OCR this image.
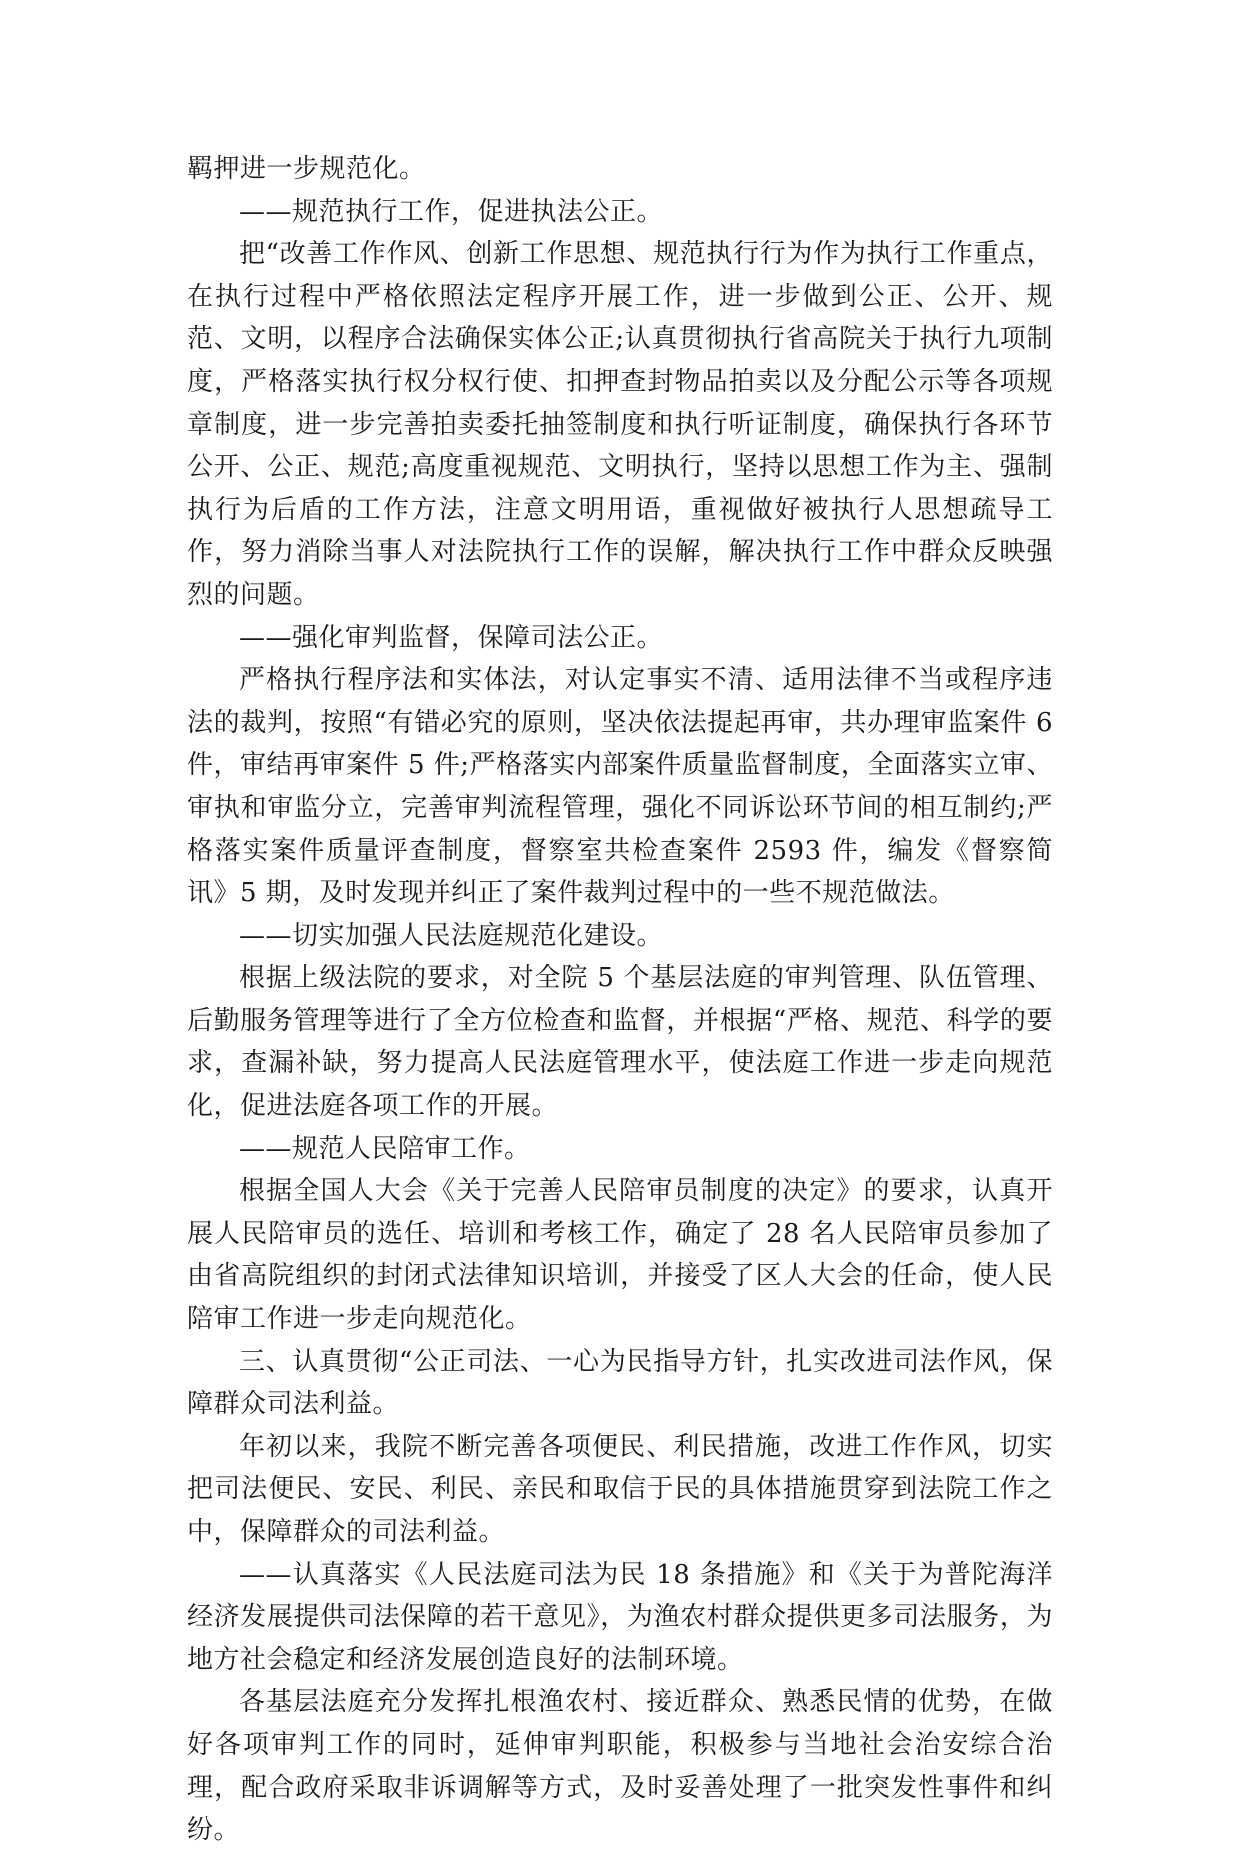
羁押进一步规范化。

——规范执行工作，促进执法公正。

把“改善工作作风、创新工作思想、规范执行行为作为执行工作重点，在执行过程中严格依照法定程序开展工作，进一步做到公正、公开、规范、文明，以程序合法确保实体公正;认真贯彻执行省高院关于执行九项制度，严格落实执行权分权行使、扣押查封物品拍卖以及分配公示等各项规章制度，进一步完善拍卖委托抽签制度和执行听证制度，确保执行各环节公开、公正、规范;高度重视规范、文明执行，坚持以思想工作为主、强制执行为后盾的工作方法，注意文明用语，重视做好被执行人思想疏导工作，努力消除当事人对法院执行工作的误解，解决执行工作中群众反映强烈的问题。

——强化审判监督，保障司法公正。

严格执行程序法和实体法，对认定事实不清、适用法律不当或程序违法的裁判，按照“有错必究的原则，坚决依法提起再审，共办理审监案件 6 件，审结再审案件 5 件;严格落实内部案件质量监督制度，全面落实立审、审执和审监分立，完善审判流程管理，强化不同诉讼环节间的相互制约;严格落实案件质量评查制度，督察室共检查案件 2593 件，编发《督察简讯》5 期，及时发现并纠正了案件裁判过程中的一些不规范做法。

——切实加强人民法庭规范化建设。

根据上级法院的要求，对全院 5 个基层法庭的审判管理、队伍管理、后勤服务管理等进行了全方位检查和监督，并根据“严格、规范、科学的要求，查漏补缺，努力提高人民法庭管理水平，使法庭工作进一步走向规范化，促进法庭各项工作的开展。

——规范人民陪审工作。

根据全国人大会《关于完善人民陪审员制度的决定》的要求，认真开展人民陪审员的选任、培训和考核工作，确定了 28 名人民陪审员参加了由省高院组织的封闭式法律知识培训，并接受了区人大会的任命，使人民陪审工作进一步走向规范化。

三、认真贯彻“公正司法、一心为民指导方针，扎实改进司法作风，保障群众司法利益。

年初以来，我院不断完善各项便民、利民措施，改进工作作风，切实把司法便民、安民、利民、亲民和取信于民的具体措施贯穿到法院工作之中，保障群众的司法利益。

——认真落实《人民法庭司法为民 18 条措施》和《关于为普陀海洋经济发展提供司法保障的若干意见》，为渔农村群众提供更多司法服务，为地方社会稳定和经济发展创造良好的法制环境。

各基层法庭充分发挥扎根渔农村、接近群众、熟悉民情的优势，在做好各项审判工作的同时，延伸审判职能，积极参与当地社会治安综合治理，配合政府采取非诉调解等方式，及时妥善处理了一批突发性事件和纠纷。
